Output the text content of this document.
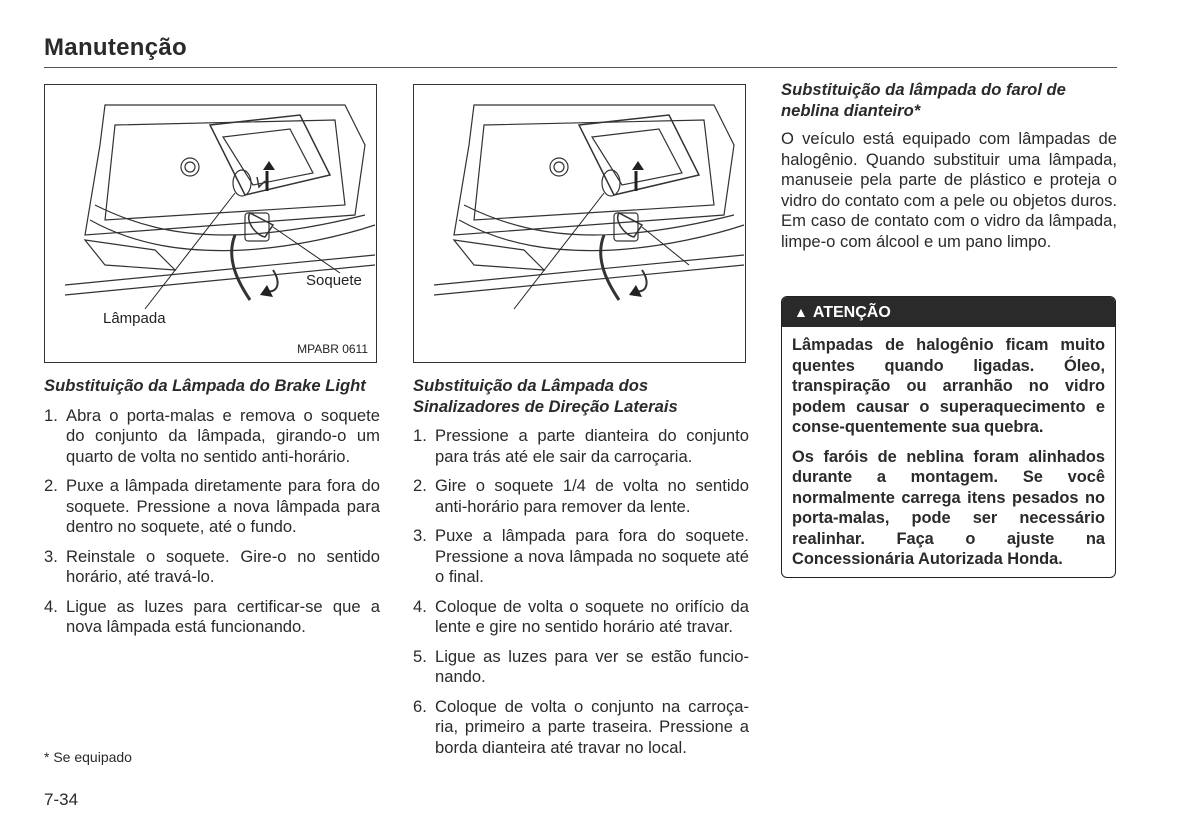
Manutenção
Soquete
Lâmpada
MPABR 0611

Substituição da Lâmpada do Brake Light

1. Abra o porta-malas e remova o soquete do conjunto da lâmpada, girando-o um quarto de volta no sentido anti-horário.
2. Puxe a lâmpada diretamente para fora do soquete. Pressione a nova lâmpada para dentro no soquete, até o fundo.
3. Reinstale o soquete. Gire-o no sentido horário, até travá-lo.
4. Ligue as luzes para certificar-se que a nova lâmpada está funcionando.

Substituição da Lâmpada dos Sinalizadores de Direção Laterais

1. Pressione a parte dianteira do conjunto para trás até ele sair da carroçaria.
2. Gire o soquete 1/4 de volta no sentido anti-horário para remover da lente.
3. Puxe a lâmpada para fora do soquete. Pressione a nova lâmpada no soquete até o final.
4. Coloque de volta o soquete no orifício da lente e gire no sentido horário até travar.
5. Ligue as luzes para ver se estão funcio-nando.
6. Coloque de volta o conjunto na carroça-ria, primeiro a parte traseira. Pressione a borda dianteira até travar no local.

Substituição da lâmpada do farol de neblina dianteiro*

O veículo está equipado com lâmpadas de halogênio. Quando substituir uma lâmpada, manuseie pela parte de plástico e proteja o vidro do contato com a pele ou objetos duros. Em caso de contato com o vidro da lâmpada, limpe-o com álcool e um pano limpo.

▲ ATENÇÃO

Lâmpadas de halogênio ficam muito quentes quando ligadas. Óleo, transpiração ou arranhão no vidro podem causar o superaquecimento e conse-quentemente sua quebra.

Os faróis de neblina foram alinhados durante a montagem. Se você normalmente carrega itens pesados no porta-malas, pode ser necessário realinhar. Faça o ajuste na Concessionária Autorizada Honda.

* Se equipado
7-34
